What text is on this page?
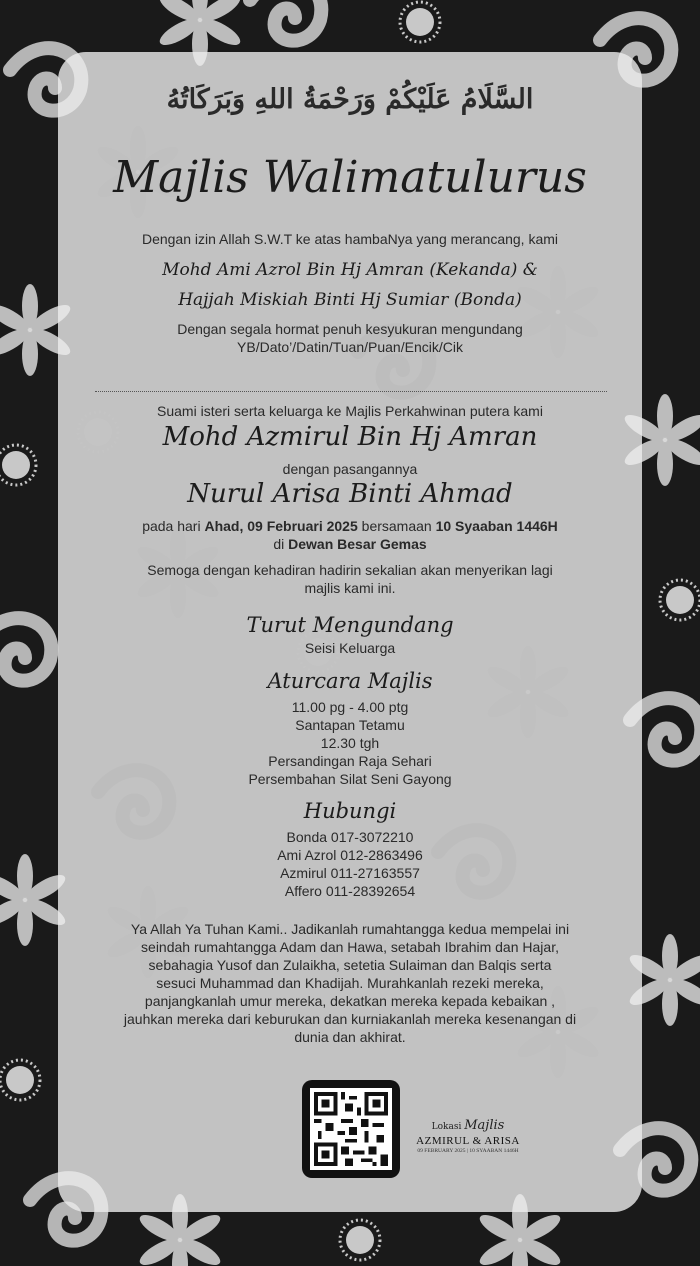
السَّلَامُ عَلَيْكُمْ وَرَحْمَةُ اللهِ وَبَرَكَاتُهُ
Majlis Walimatulurus
Dengan izin Allah S.W.T ke atas hambaNya yang merancang, kami
Mohd Ami Azrol Bin Hj Amran (Kekanda) &
Hajjah Miskiah Binti Hj Sumiar (Bonda)
Dengan segala hormat penuh kesyukuran mengundang
YB/Dato’/Datin/Tuan/Puan/Encik/Cik
Suami isteri serta keluarga ke Majlis Perkahwinan putera kami
Mohd Azmirul Bin Hj Amran
dengan pasangannya
Nurul Arisa Binti Ahmad
pada hari Ahad, 09 Februari 2025 bersamaan 10 Syaaban 1446H
di Dewan Besar Gemas
Semoga dengan kehadiran hadirin sekalian akan menyerikan lagi
majlis kami ini.
Turut Mengundang
Seisi Keluarga
Aturcara Majlis
11.00 pg - 4.00 ptg
Santapan Tetamu
12.30 tgh
Persandingan Raja Sehari
Persembahan Silat Seni Gayong
Hubungi
Bonda 017-3072210
Ami Azrol 012-2863496
Azmirul 011-27163557
Affero 011-28392654
Ya Allah Ya Tuhan Kami.. Jadikanlah rumahtangga kedua mempelai ini
seindah rumahtangga Adam dan Hawa, setabah Ibrahim dan Hajar,
sebahagia Yusof dan Zulaikha, setetia Sulaiman dan Balqis serta
sesuci Muhammad dan Khadijah. Murahkanlah rezeki mereka,
panjangkanlah umur mereka, dekatkan mereka kepada kebaikan ,
jauhkan mereka dari keburukan dan kurniakanlah mereka kesenangan di
dunia dan akhirat.
Lokasi Majlis
AZMIRUL & ARISA
09 FEBRUARY 2025 | 10 SYAABAN 1446H
